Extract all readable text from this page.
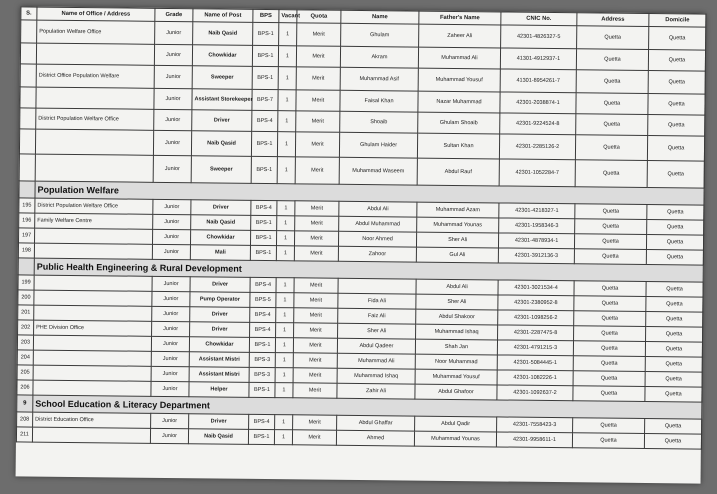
S.	Name of Office / Address	Grade	Name of Post	BPS	Vacant	Quota	Name	Father's Name	CNIC No.	Address	Domicile
	Population Welfare Office	Junior	Naib Qasid	BPS-1	1	Merit	Ghulam	Zaheer Ali	42301-4826327-5	Quetta	Quetta
		Junior	Chowkidar	BPS-1	1	Merit	Akram	Muhammad Ali	41301-4912937-1	Quetta	Quetta
	District Office Population Welfare	Junior	Sweeper	BPS-1	1	Merit	Muhammad Asif	Muhammad Yousuf	41301-8954261-7	Quetta	Quetta
		Junior	Assistant Storekeeper	BPS-7	1	Merit	Faisal Khan	Nazar Muhammad	42301-2038874-1	Quetta	Quetta
	District Population Welfare Office	Junior	Driver	BPS-4	1	Merit	Shoaib	Ghulam Shoaib	42301-9224524-8	Quetta	Quetta
		Junior	Naib Qasid	BPS-1	1	Merit	Ghulam Haider	Sultan Khan	42301-2285126-2	Quetta	Quetta
		Junior	Sweeper	BPS-1	1	Merit	Muhammad Waseem	Abdul Rauf	42301-1052284-7	Quetta	Quetta
	Population Welfare										
195	District Population Welfare Office	Junior	Driver	BPS-4	1	Merit	Abdul Ali	Muhammad Azam	42301-4218327-1	Quetta	Quetta
196	Family Welfare Centre	Junior	Naib Qasid	BPS-1	1	Merit	Abdul Muhammad	Muhammad Younas	42301-1958346-3	Quetta	Quetta
197		Junior	Chowkidar	BPS-1	1	Merit	Noor Ahmed	Sher Ali	42301-4878934-1	Quetta	Quetta
198		Junior	Mali	BPS-1	1	Merit	Zahoor	Gul Ali	42301-3912136-3	Quetta	Quetta
	Public Health Engineering & Rural Development										
199		Junior	Driver	BPS-4	1	Merit		Abdul Ali	42301-3021534-4	Quetta	Quetta
200		Junior	Pump Operator	BPS-5	1	Merit	Fida Ali	Sher Ali	42301-2380952-8	Quetta	Quetta
201		Junior	Driver	BPS-4	1	Merit	Faiz Ali	Abdul Shakoor	42301-1098256-2	Quetta	Quetta
202	PHE Division Office	Junior	Driver	BPS-4	1	Merit	Sher Ali	Muhammad Ishaq	42301-2287475-8	Quetta	Quetta
203		Junior	Chowkidar	BPS-1	1	Merit	Abdul Qadeer	Shah Jan	42301-4791215-3	Quetta	Quetta
204		Junior	Assistant Mistri	BPS-3	1	Merit	Muhammad Ali	Noor Muhammad	42301-5084445-1	Quetta	Quetta
205		Junior	Assistant Mistri	BPS-3	1	Merit	Muhammad Ishaq	Muhammad Yousuf	42301-1082226-1	Quetta	Quetta
206		Junior	Helper	BPS-1	1	Merit	Zahir Ali	Abdul Ghafoor	42301-1092637-2	Quetta	Quetta
9	School Education & Literacy Department										
208	District Education Office	Junior	Driver	BPS-4	1	Merit	Abdul Ghaffar	Abdul Qadir	42301-7558423-3	Quetta	Quetta
211		Junior	Naib Qasid	BPS-1	1	Merit	Ahmed	Muhammad Younas	42301-9958611-1	Quetta	Quetta
